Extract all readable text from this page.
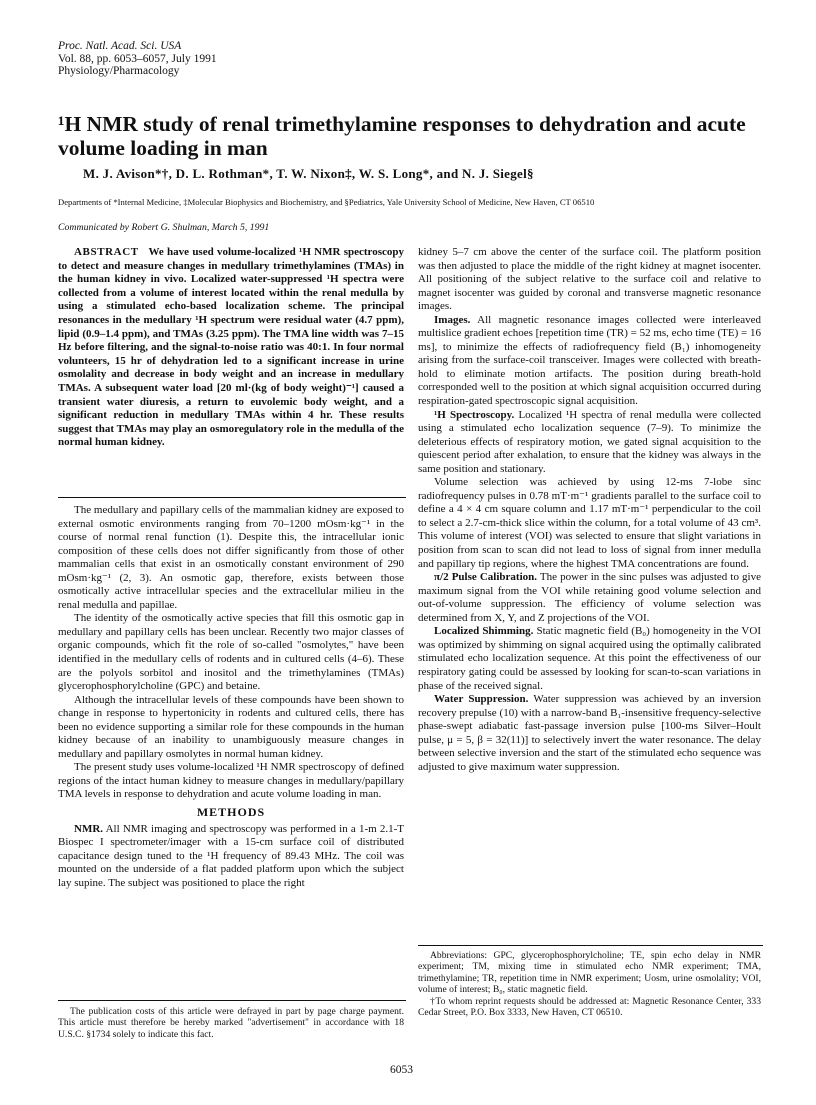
Proc. Natl. Acad. Sci. USA
Vol. 88, pp. 6053–6057, July 1991
Physiology/Pharmacology
¹H NMR study of renal trimethylamine responses to dehydration and acute volume loading in man
M. J. Avison*†, D. L. Rothman*, T. W. Nixon‡, W. S. Long*, and N. J. Siegel§
Departments of *Internal Medicine, ‡Molecular Biophysics and Biochemistry, and §Pediatrics, Yale University School of Medicine, New Haven, CT 06510
Communicated by Robert G. Shulman, March 5, 1991
ABSTRACT We have used volume-localized ¹H NMR spectroscopy to detect and measure changes in medullary trimethylamines (TMAs) in the human kidney in vivo. Localized water-suppressed ¹H spectra were collected from a volume of interest located within the renal medulla by using a stimulated echo-based localization scheme. The principal resonances in the medullary ¹H spectrum were residual water (4.7 ppm), lipid (0.9–1.4 ppm), and TMAs (3.25 ppm). The TMA line width was 7–15 Hz before filtering, and the signal-to-noise ratio was 40:1. In four normal volunteers, 15 hr of dehydration led to a significant increase in urine osmolality and decrease in body weight and an increase in medullary TMAs. A subsequent water load [20 ml·(kg of body weight)⁻¹] caused a transient water diuresis, a return to euvolemic body weight, and a significant reduction in medullary TMAs within 4 hr. These results suggest that TMAs may play an osmoregulatory role in the medulla of the normal human kidney.

The medullary and papillary cells of the mammalian kidney are exposed to external osmotic environments ranging from 70–1200 mOsm·kg⁻¹ in the course of normal renal function (1). Despite this, the intracellular ionic composition of these cells does not differ significantly from those of other mammalian cells that exist in an osmotically constant environment of 290 mOsm·kg⁻¹ (2, 3). An osmotic gap, therefore, exists between those osmotically active intracellular species and the extracellular milieu in the renal medulla and papillae.

The identity of the osmotically active species that fill this osmotic gap in medullary and papillary cells has been unclear. Recently two major classes of organic compounds, which fit the role of so-called "osmolytes," have been identified in the medullary cells of rodents and in cultured cells (4–6). These are the polyols sorbitol and inositol and the trimethylamines (TMAs) glycerophosphorylcholine (GPC) and betaine.

Although the intracellular levels of these compounds have been shown to change in response to hypertonicity in rodents and cultured cells, there has been no evidence supporting a similar role for these compounds in the human kidney because of an inability to unambiguously measure changes in medullary and papillary osmolytes in normal human kidney.

The present study uses volume-localized ¹H NMR spectroscopy of defined regions of the intact human kidney to measure changes in medullary/papillary TMA levels in response to dehydration and acute volume loading in man.

METHODS

NMR. All NMR imaging and spectroscopy was performed in a 1-m 2.1-T Biospec I spectrometer/imager with a 15-cm surface coil of distributed capacitance design tuned to the ¹H frequency of 89.43 MHz. The coil was mounted on the underside of a flat padded platform upon which the subject lay supine. The subject was positioned to place the right

The publication costs of this article were defrayed in part by page charge payment. This article must therefore be hereby marked "advertisement" in accordance with 18 U.S.C. §1734 solely to indicate this fact.

kidney 5–7 cm above the center of the surface coil. The platform position was then adjusted to place the middle of the right kidney at magnet isocenter. All positioning of the subject relative to the surface coil and relative to magnet isocenter was guided by coronal and transverse magnetic resonance images.

Images. All magnetic resonance images collected were interleaved multislice gradient echoes [repetition time (TR) = 52 ms, echo time (TE) = 16 ms], to minimize the effects of radiofrequency field (B₁) inhomogeneity arising from the surface-coil transceiver. Images were collected with breath-hold to eliminate motion artifacts. The position during breath-hold corresponded well to the position at which signal acquisition occurred during respiration-gated spectroscopic signal acquisition.

¹H Spectroscopy. Localized ¹H spectra of renal medulla were collected using a stimulated echo localization sequence (7–9). To minimize the deleterious effects of respiratory motion, we gated signal acquisition to the quiescent period after exhalation, to ensure that the kidney was always in the same position and stationary.

Volume selection was achieved by using 12-ms 7-lobe sinc radiofrequency pulses in 0.78 mT·m⁻¹ gradients parallel to the surface coil to define a 4 × 4 cm square column and 1.17 mT·m⁻¹ perpendicular to the coil to select a 2.7-cm-thick slice within the column, for a total volume of 43 cm³. This volume of interest (VOI) was selected to ensure that slight variations in position from scan to scan did not lead to loss of signal from inner medulla and papillary tip regions, where the highest TMA concentrations are found.

π/2 Pulse Calibration. The power in the sinc pulses was adjusted to give maximum signal from the VOI while retaining good volume selection and out-of-volume suppression. The efficiency of volume selection was determined from X, Y, and Z projections of the VOI.

Localized Shimming. Static magnetic field (B₀) homogeneity in the VOI was optimized by shimming on signal acquired using the optimally calibrated stimulated echo localization sequence. At this point the effectiveness of our respiratory gating could be assessed by looking for scan-to-scan variations in phase of the received signal.

Water Suppression. Water suppression was achieved by an inversion recovery prepulse (10) with a narrow-band B₁-insensitive frequency-selective phase-swept adiabatic fast-passage inversion pulse [100-ms Silver–Hoult pulse, μ = 5, β = 32(11)] to selectively invert the water resonance. The delay between selective inversion and the start of the stimulated echo sequence was adjusted to give maximum water suppression.

Abbreviations: GPC, glycerophosphorylcholine; TE, spin echo delay in NMR experiment; TM, mixing time in stimulated echo NMR experiment; TMA, trimethylamine; TR, repetition time in NMR experiment; Uosm, urine osmolality; VOI, volume of interest; B₀, static magnetic field.

†To whom reprint requests should be addressed at: Magnetic Resonance Center, 333 Cedar Street, P.O. Box 3333, New Haven, CT 06510.

6053
